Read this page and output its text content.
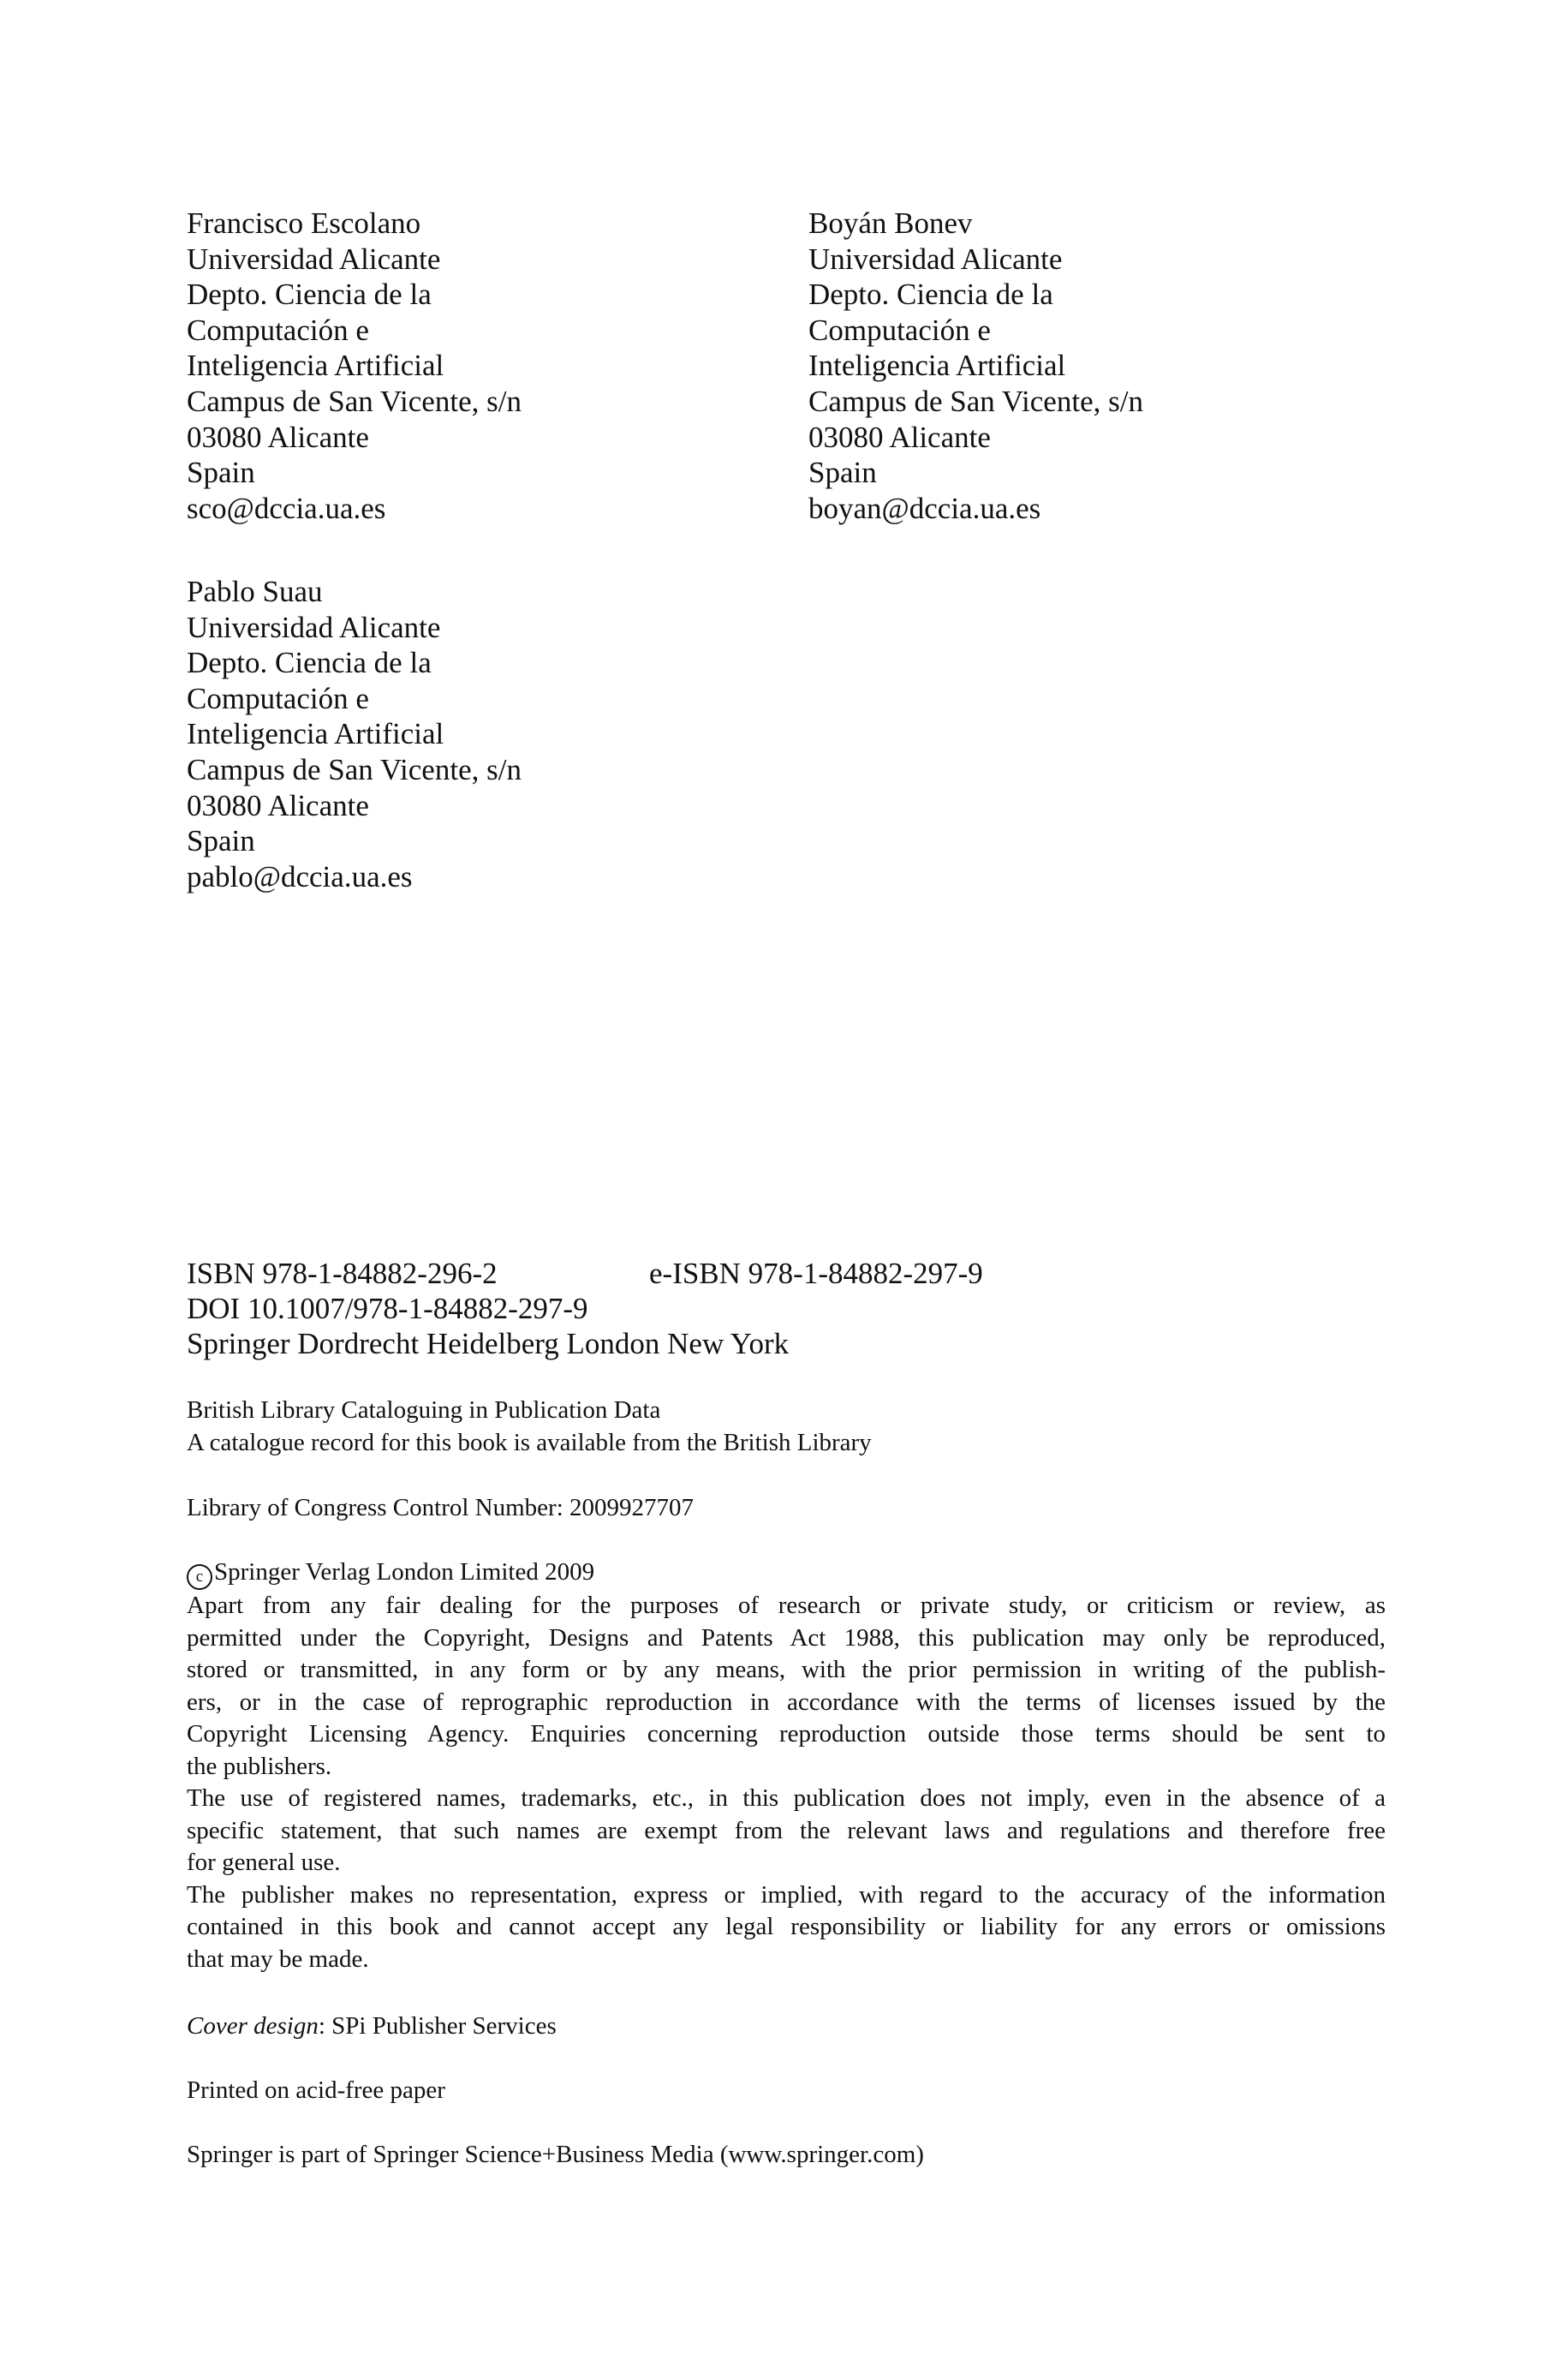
Francisco Escolano
Universidad Alicante
Depto. Ciencia de la
Computación e
Inteligencia Artificial
Campus de San Vicente, s/n
03080 Alicante
Spain
sco@dccia.ua.es
Boyán Bonev
Universidad Alicante
Depto. Ciencia de la
Computación e
Inteligencia Artificial
Campus de San Vicente, s/n
03080 Alicante
Spain
boyan@dccia.ua.es
Pablo Suau
Universidad Alicante
Depto. Ciencia de la
Computación e
Inteligencia Artificial
Campus de San Vicente, s/n
03080 Alicante
Spain
pablo@dccia.ua.es
ISBN 978-1-84882-296-2	e-ISBN 978-1-84882-297-9
DOI 10.1007/978-1-84882-297-9
Springer Dordrecht Heidelberg London New York
British Library Cataloguing in Publication Data
A catalogue record for this book is available from the British Library
Library of Congress Control Number: 2009927707
c Springer Verlag London Limited 2009
Apart from any fair dealing for the purposes of research or private study, or criticism or review, as
permitted under the Copyright, Designs and Patents Act 1988, this publication may only be reproduced,
stored or transmitted, in any form or by any means, with the prior permission in writing of the publish-
ers, or in the case of reprographic reproduction in accordance with the terms of licenses issued by the
Copyright Licensing Agency. Enquiries concerning reproduction outside those terms should be sent to
the publishers.
The use of registered names, trademarks, etc., in this publication does not imply, even in the absence of a
specific statement, that such names are exempt from the relevant laws and regulations and therefore free
for general use.
The publisher makes no representation, express or implied, with regard to the accuracy of the information
contained in this book and cannot accept any legal responsibility or liability for any errors or omissions
that may be made.
Cover design: SPi Publisher Services
Printed on acid-free paper
Springer is part of Springer Science+Business Media (www.springer.com)
